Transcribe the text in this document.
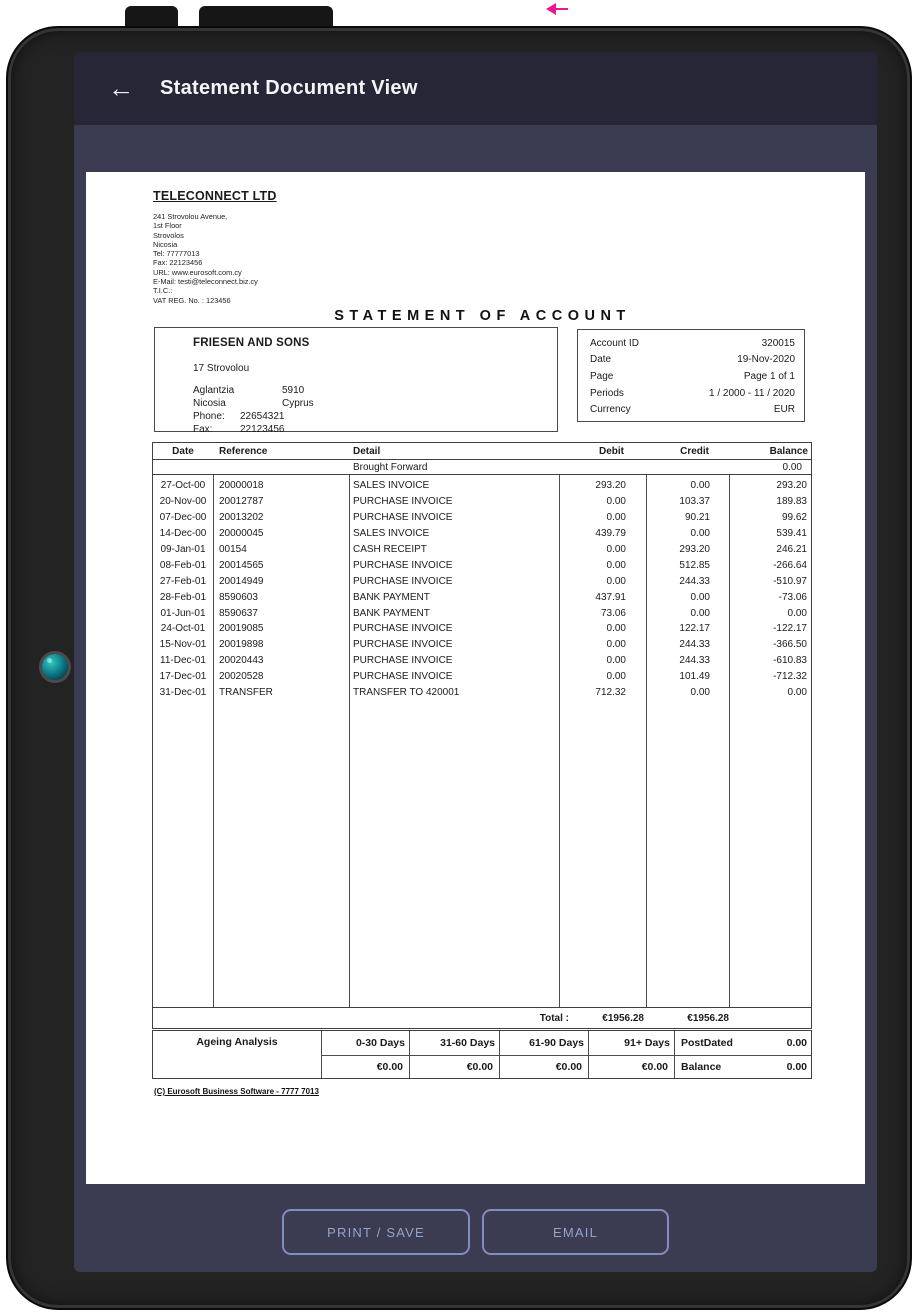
← Statement Document View
TELECONNECT LTD
241 Strovolou Avenue,
1st Floor
Strovolos
Nicosia
Tel: 77777013
Fax: 22123456
URL: www.eurosoft.com.cy
E-Mail: testi@teleconnect.biz.cy
T.I.C.:
VAT REG. No. : 123456
STATEMENT OF ACCOUNT
FRIESEN AND SONS
17 Strovolou
Aglantzia	5910
Nicosia	Cyprus
Phone: 22654321
Fax:	22123456
Account ID	320015
Date	19-Nov-2020
Page	Page 1 of 1
Periods	1 / 2000 - 11 / 2020
Currency	EUR
Date	Reference	Detail	Debit	Credit	Balance
Brought Forward	0.00
27-Oct-00	20000018	SALES INVOICE	293.20	0.00	293.20
20-Nov-00	20012787	PURCHASE INVOICE	0.00	103.37	189.83
07-Dec-00	20013202	PURCHASE INVOICE	0.00	90.21	99.62
14-Dec-00	20000045	SALES INVOICE	439.79	0.00	539.41
09-Jan-01	00154	CASH RECEIPT	0.00	293.20	246.21
08-Feb-01	20014565	PURCHASE INVOICE	0.00	512.85	-266.64
27-Feb-01	20014949	PURCHASE INVOICE	0.00	244.33	-510.97
28-Feb-01	8590603	BANK PAYMENT	437.91	0.00	-73.06
01-Jun-01	8590637	BANK PAYMENT	73.06	0.00	0.00
24-Oct-01	20019085	PURCHASE INVOICE	0.00	122.17	-122.17
15-Nov-01	20019898	PURCHASE INVOICE	0.00	244.33	-366.50
11-Dec-01	20020443	PURCHASE INVOICE	0.00	244.33	-610.83
17-Dec-01	20020528	PURCHASE INVOICE	0.00	101.49	-712.32
31-Dec-01	TRANSFER	TRANSFER TO 420001	712.32	0.00	0.00
Total :	€1956.28	€1956.28
Ageing Analysis	0-30 Days	31-60 Days	61-90 Days	91+ Days	PostDated	0.00
€0.00	€0.00	€0.00	€0.00	Balance	0.00
(C) Eurosoft Business Software - 7777 7013
PRINT / SAVE	EMAIL
